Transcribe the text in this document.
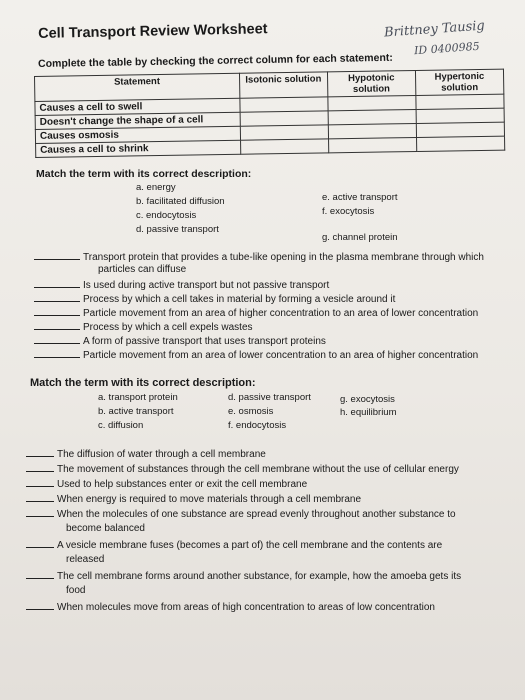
Brittney Tausig
ID 0400985
Cell Transport Review Worksheet
Complete the table by checking the correct column for each statement:
Statement	Isotonic solution	Hypotonic solution	Hypertonic solution
Causes a cell to swell			
Doesn't change the shape of a cell			
Causes osmosis			
Causes a cell to shrink			
Match the term with its correct description:
a. energy
b. facilitated diffusion
c. endocytosis
d. passive transport
e. active transport
f. exocytosis
g. channel protein
Transport protein that provides a tube-like opening in the plasma membrane through which
particles can diffuse
Is used during active transport but not passive transport
Process by which a cell takes in material by forming a vesicle around it
Particle movement from an area of higher concentration to an area of lower concentration
Process by which a cell expels wastes
A form of passive transport that uses transport proteins
Particle movement from an area of lower concentration to an area of higher concentration
Match the term with its correct description:
a. transport protein
b. active transport
c. diffusion
d. passive transport
e. osmosis
f. endocytosis
g. exocytosis
h. equilibrium
The diffusion of water through a cell membrane
The movement of substances through the cell membrane without the use of cellular energy
Used to help substances enter or exit the cell membrane
When energy is required to move materials through a cell membrane
When the molecules of one substance are spread evenly throughout another substance to
become balanced
A vesicle membrane fuses (becomes a part of) the cell membrane and the contents are
released
The cell membrane forms around another substance, for example, how the amoeba gets its
food
When molecules move from areas of high concentration to areas of low concentration
